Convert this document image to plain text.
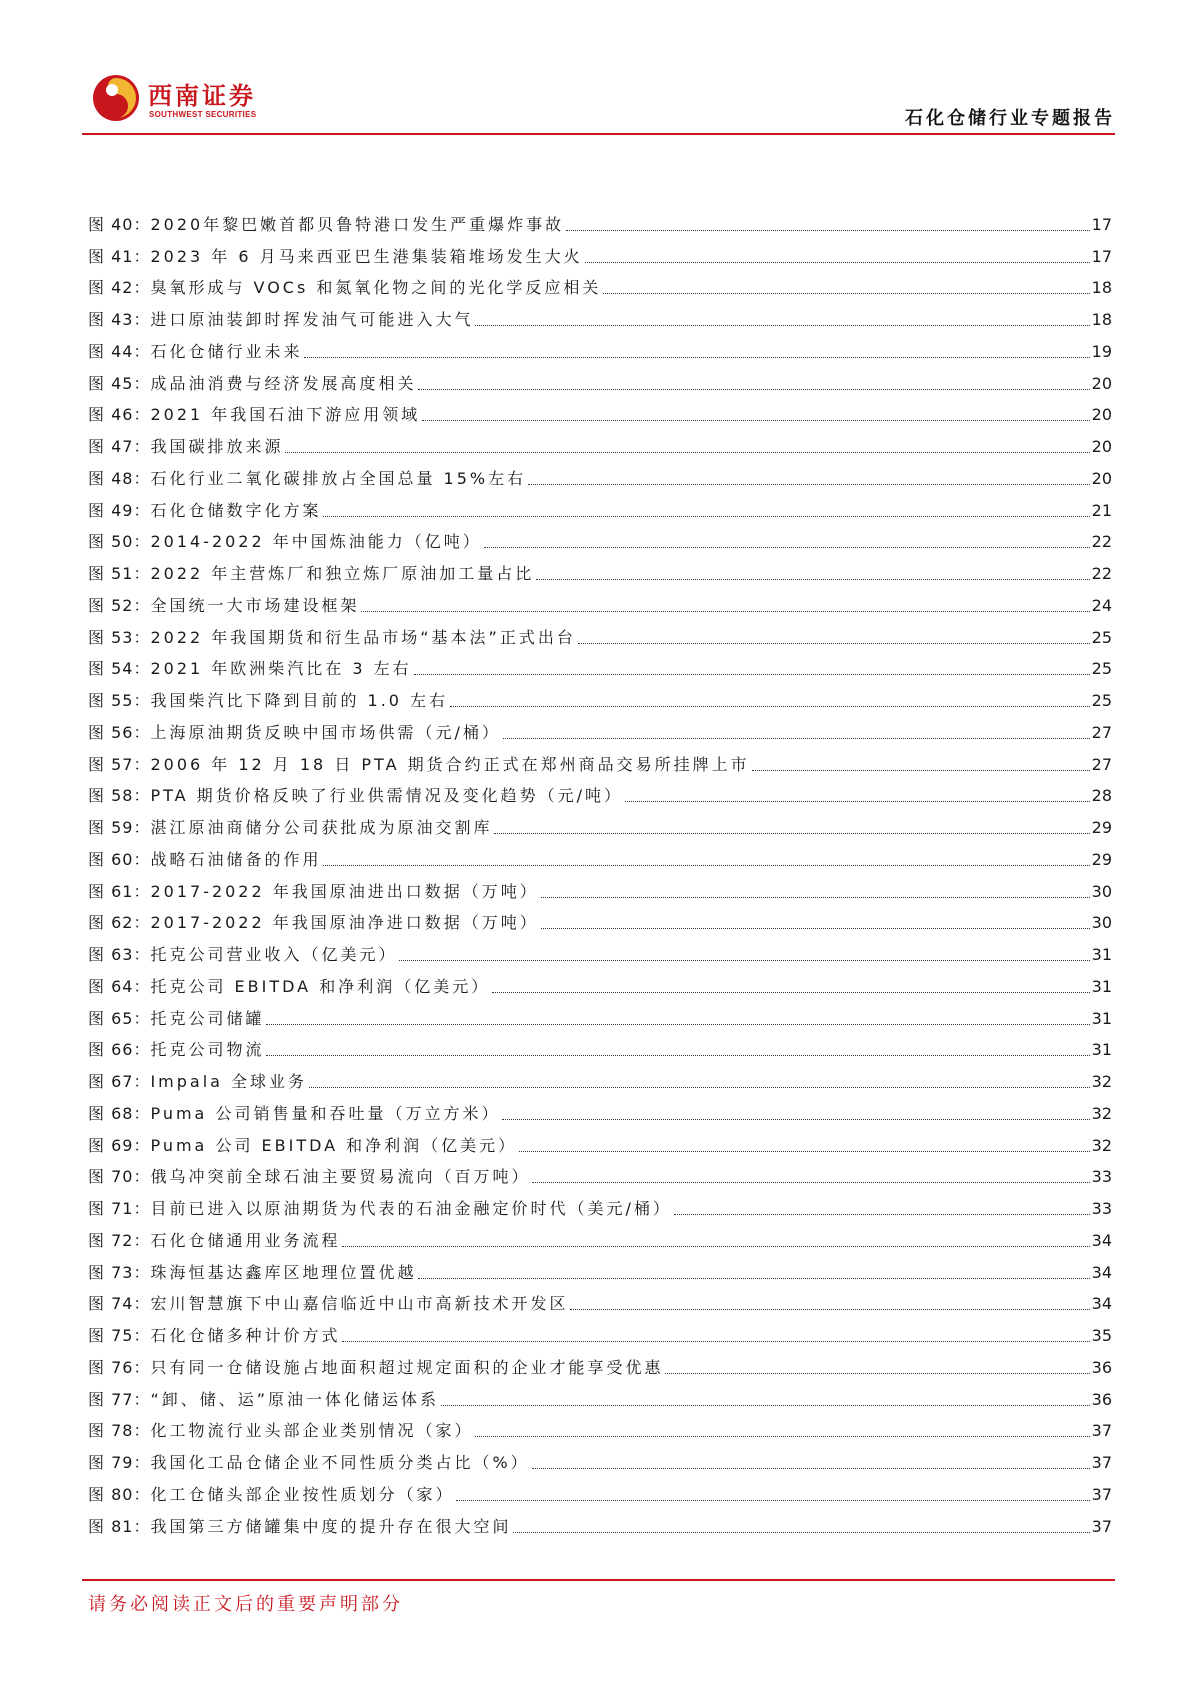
西南证券
SOUTHWEST SECURITIES	石化仓储行业专题报告
图 40： 2020年黎巴嫩首都贝鲁特港口发生严重爆炸事故	17
图 41： 2023 年 6 月马来西亚巴生港集装箱堆场发生大火	17
图 42： 臭氧形成与 VOCs 和氮氧化物之间的光化学反应相关	18
图 43： 进口原油装卸时挥发油气可能进入大气	18
图 44： 石化仓储行业未来	19
图 45： 成品油消费与经济发展高度相关	20
图 46： 2021 年我国石油下游应用领域	20
图 47： 我国碳排放来源	20
图 48： 石化行业二氧化碳排放占全国总量 15%左右	20
图 49： 石化仓储数字化方案	21
图 50： 2014-2022 年中国炼油能力（亿吨）	22
图 51： 2022 年主营炼厂和独立炼厂原油加工量占比	22
图 52： 全国统一大市场建设框架	24
图 53： 2022 年我国期货和衍生品市场“基本法”正式出台	25
图 54： 2021 年欧洲柴汽比在 3 左右	25
图 55： 我国柴汽比下降到目前的 1.0 左右	25
图 56： 上海原油期货反映中国市场供需（元/桶）	27
图 57： 2006 年 12 月 18 日 PTA 期货合约正式在郑州商品交易所挂牌上市	27
图 58： PTA 期货价格反映了行业供需情况及变化趋势（元/吨）	28
图 59： 湛江原油商储分公司获批成为原油交割库	29
图 60： 战略石油储备的作用	29
图 61： 2017-2022 年我国原油进出口数据（万吨）	30
图 62： 2017-2022 年我国原油净进口数据（万吨）	30
图 63： 托克公司营业收入（亿美元）	31
图 64： 托克公司 EBITDA 和净利润（亿美元）	31
图 65： 托克公司储罐	31
图 66： 托克公司物流	31
图 67： Impala 全球业务	32
图 68： Puma 公司销售量和吞吐量（万立方米）	32
图 69： Puma 公司 EBITDA 和净利润（亿美元）	32
图 70： 俄乌冲突前全球石油主要贸易流向（百万吨）	33
图 71： 目前已进入以原油期货为代表的石油金融定价时代（美元/桶）	33
图 72： 石化仓储通用业务流程	34
图 73： 珠海恒基达鑫库区地理位置优越	34
图 74： 宏川智慧旗下中山嘉信临近中山市高新技术开发区	34
图 75： 石化仓储多种计价方式	35
图 76： 只有同一仓储设施占地面积超过规定面积的企业才能享受优惠	36
图 77： “卸、储、运”原油一体化储运体系	36
图 78： 化工物流行业头部企业类别情况（家）	37
图 79： 我国化工品仓储企业不同性质分类占比（%）	37
图 80： 化工仓储头部企业按性质划分（家）	37
图 81： 我国第三方储罐集中度的提升存在很大空间	37
请务必阅读正文后的重要声明部分
